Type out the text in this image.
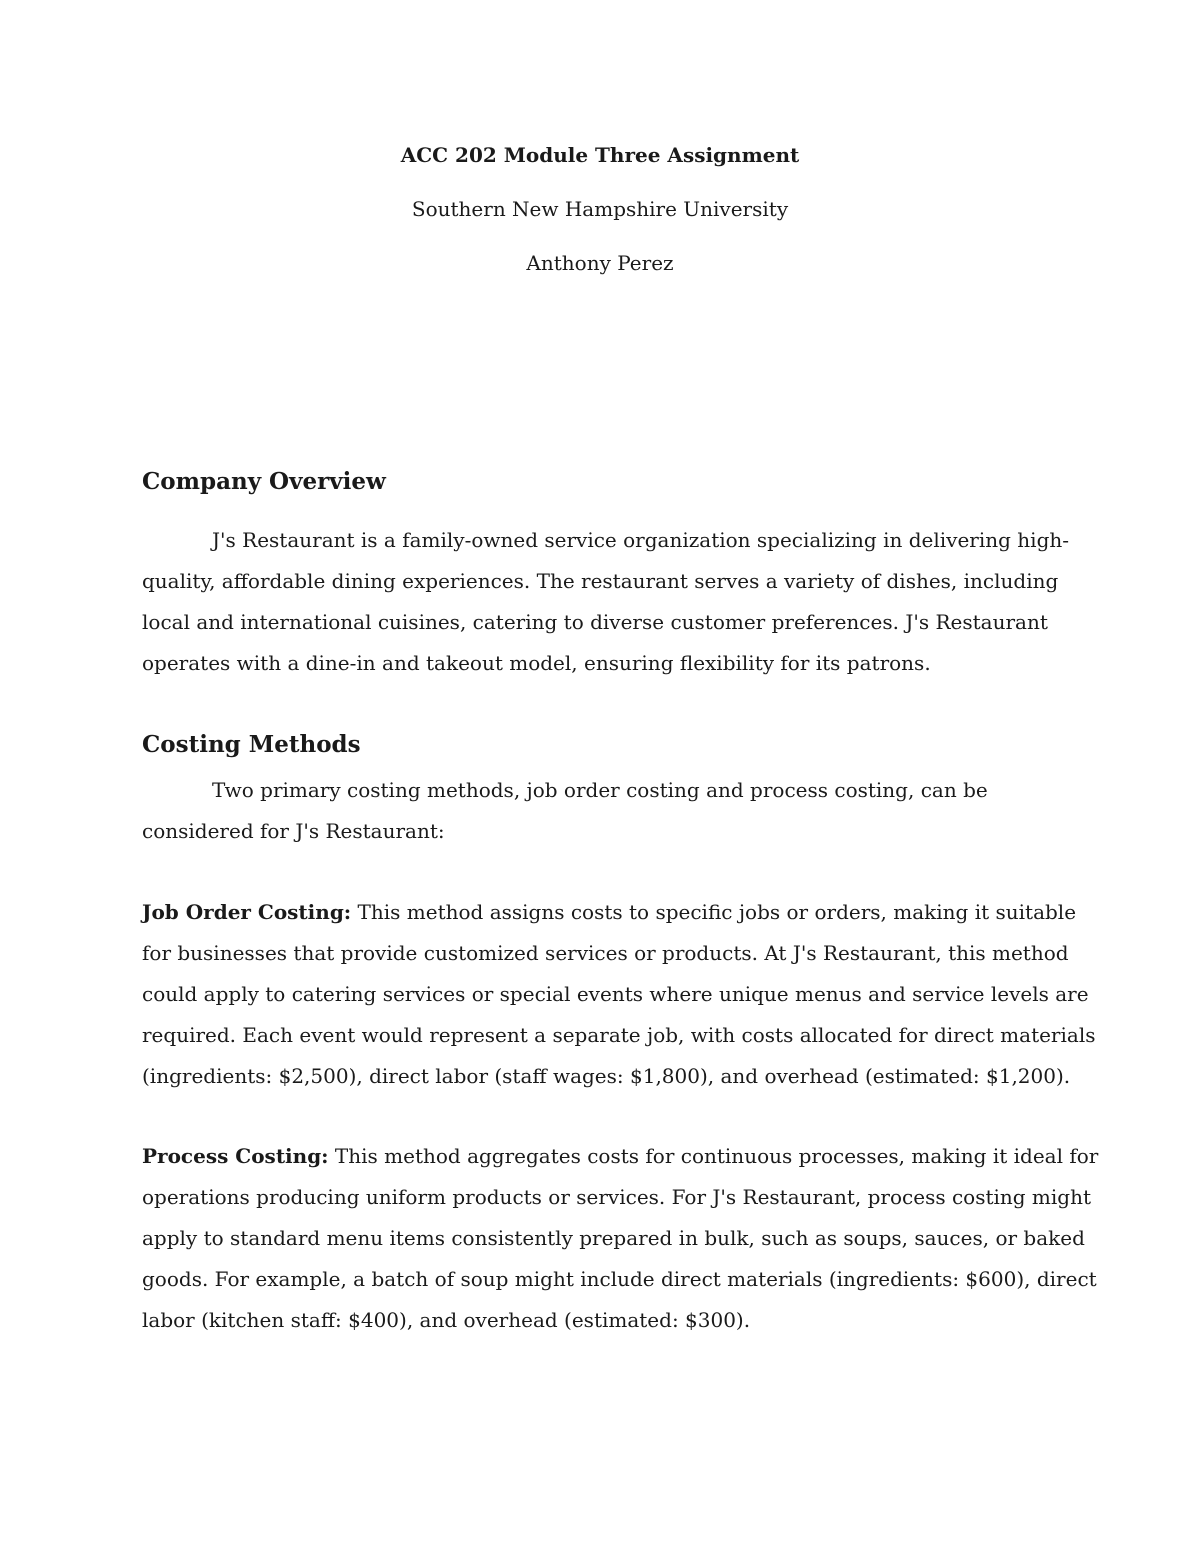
ACC 202 Module Three Assignment
Southern New Hampshire University
Anthony Perez
Company Overview
J's Restaurant is a family-owned service organization specializing in delivering high-
quality, affordable dining experiences. The restaurant serves a variety of dishes, including
local and international cuisines, catering to diverse customer preferences. J's Restaurant
operates with a dine-in and takeout model, ensuring flexibility for its patrons.
Costing Methods
Two primary costing methods, job order costing and process costing, can be
considered for J's Restaurant:
Job Order Costing: This method assigns costs to specific jobs or orders, making it suitable
for businesses that provide customized services or products. At J's Restaurant, this method
could apply to catering services or special events where unique menus and service levels are
required. Each event would represent a separate job, with costs allocated for direct materials
(ingredients: $2,500), direct labor (staff wages: $1,800), and overhead (estimated: $1,200).
Process Costing: This method aggregates costs for continuous processes, making it ideal for
operations producing uniform products or services. For J's Restaurant, process costing might
apply to standard menu items consistently prepared in bulk, such as soups, sauces, or baked
goods. For example, a batch of soup might include direct materials (ingredients: $600), direct
labor (kitchen staff: $400), and overhead (estimated: $300).
